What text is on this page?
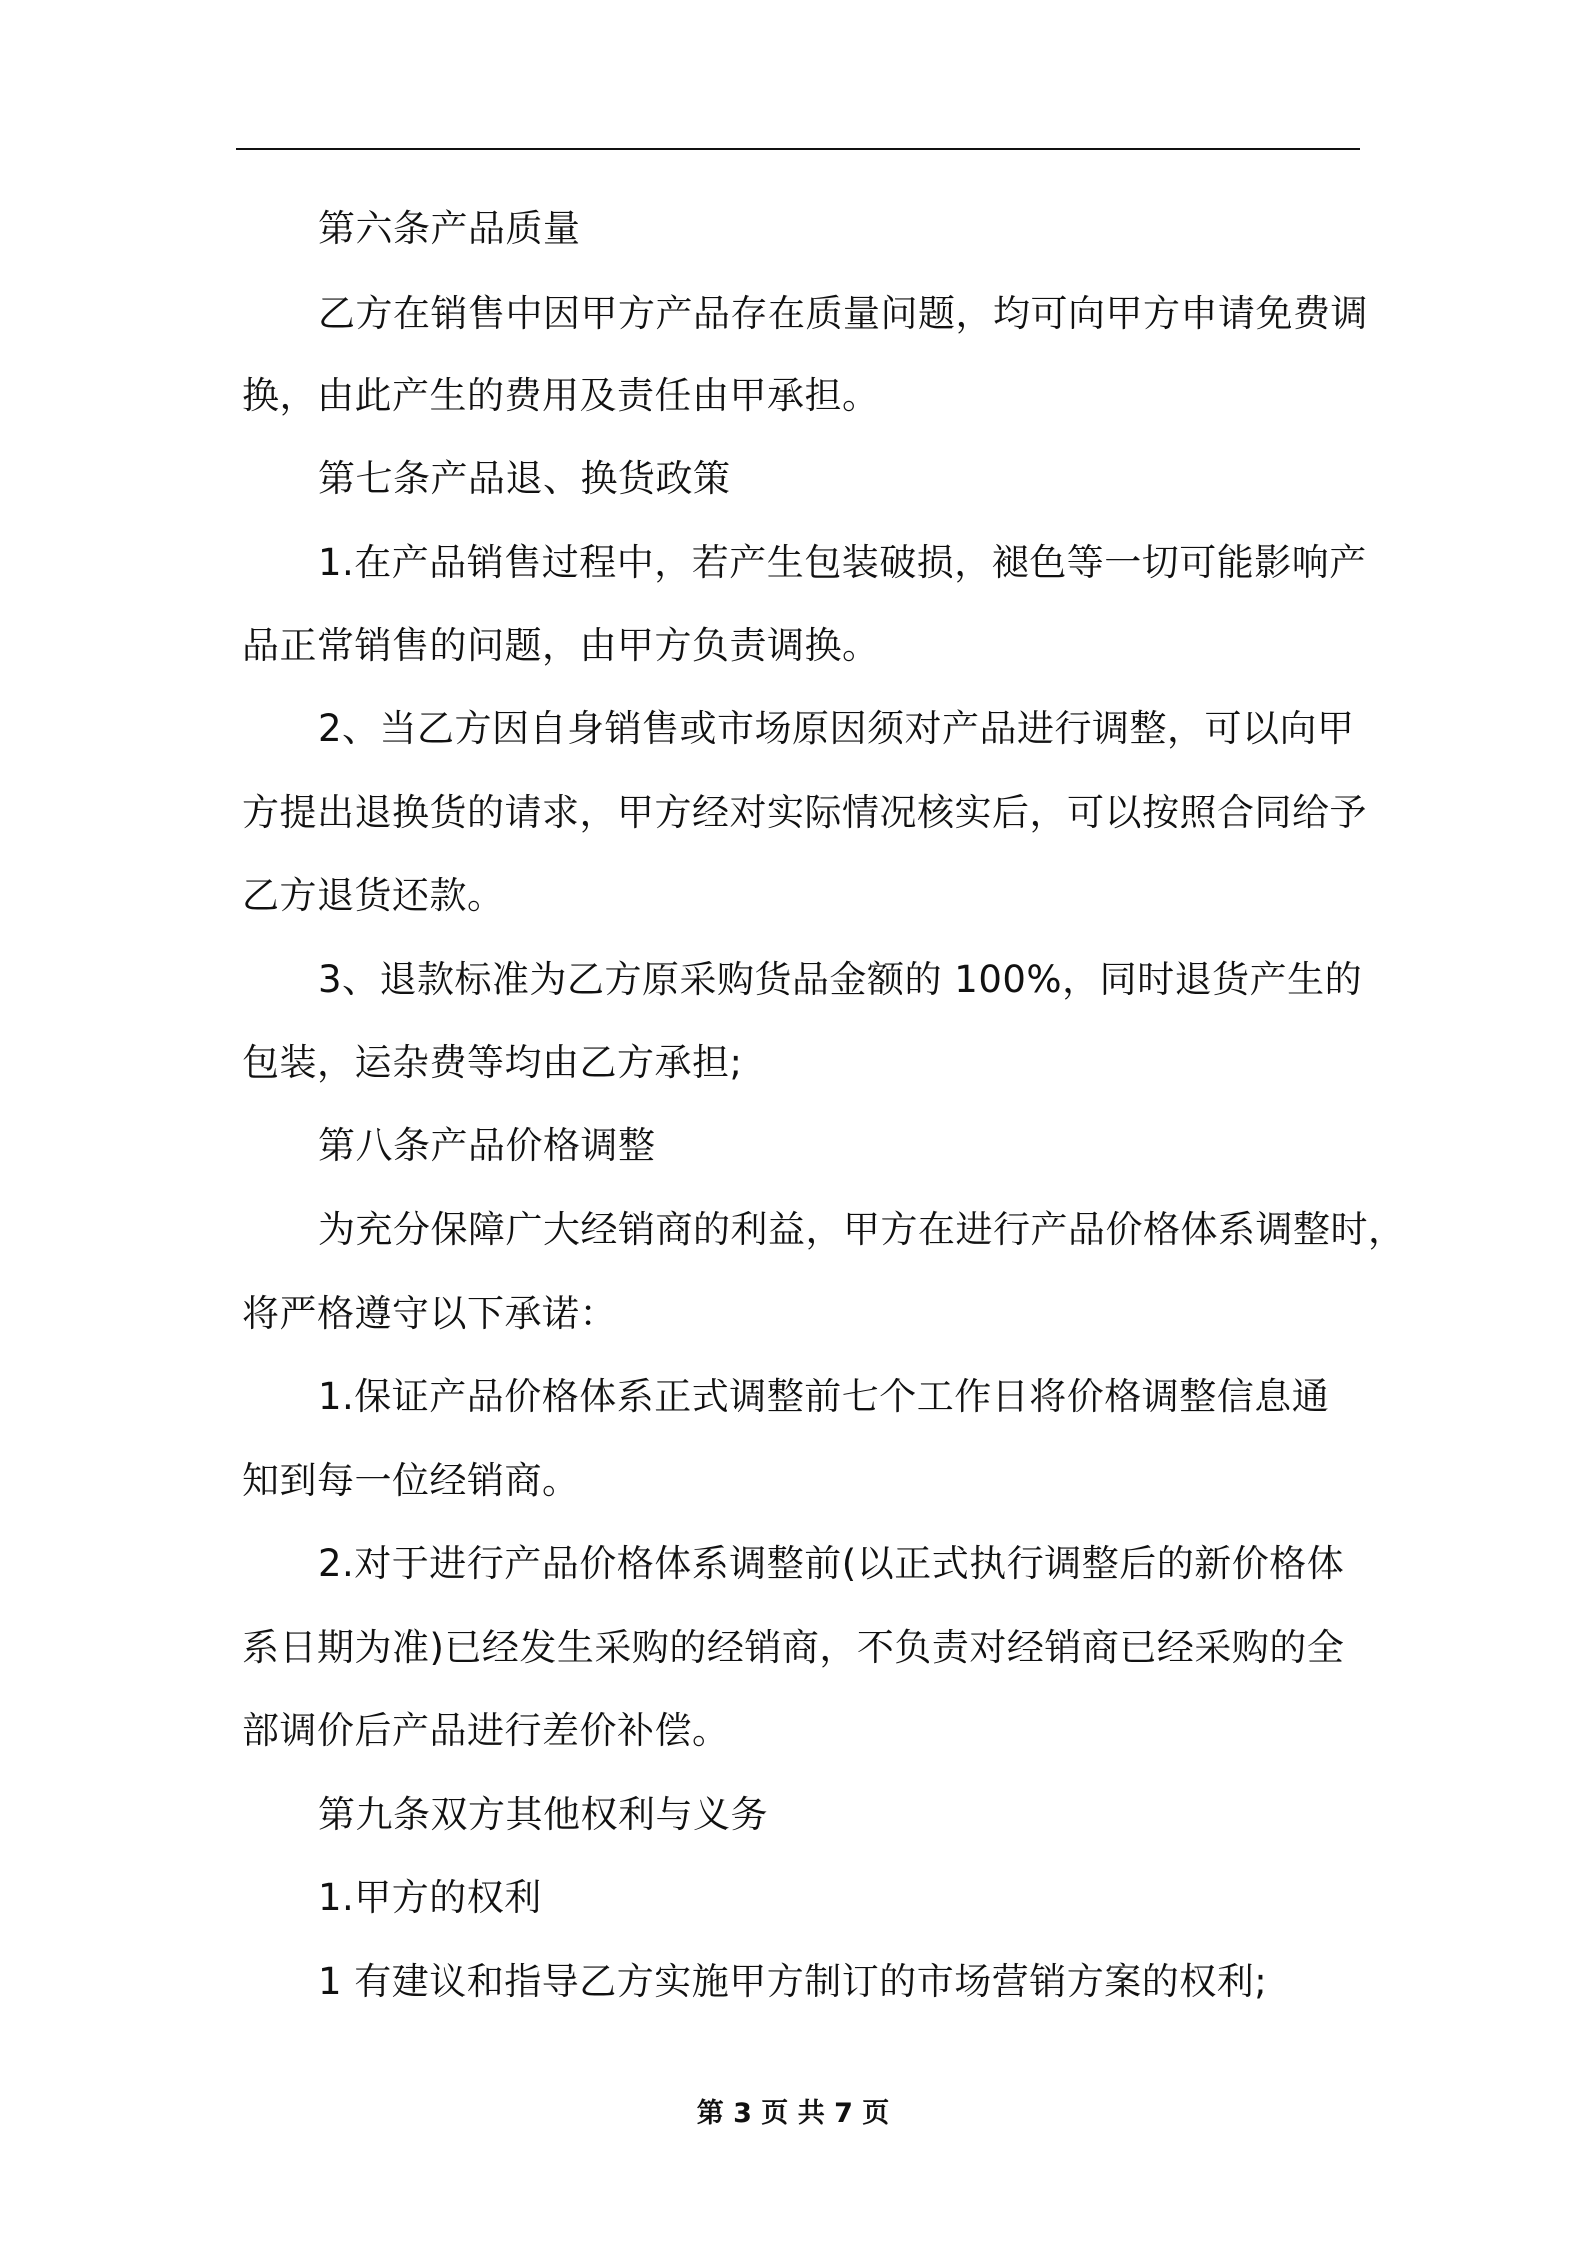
第六条产品质量
乙方在销售中因甲方产品存在质量问题，均可向甲方申请免费调
换，由此产生的费用及责任由甲承担。
第七条产品退、换货政策
1.在产品销售过程中，若产生包装破损，褪色等一切可能影响产
品正常销售的问题，由甲方负责调换。
2、当乙方因自身销售或市场原因须对产品进行调整，可以向甲
方提出退换货的请求，甲方经对实际情况核实后，可以按照合同给予
乙方退货还款。
3、退款标准为乙方原采购货品金额的 100%，同时退货产生的
包装，运杂费等均由乙方承担;
第八条产品价格调整
为充分保障广大经销商的利益，甲方在进行产品价格体系调整时，
将严格遵守以下承诺：
1.保证产品价格体系正式调整前七个工作日将价格调整信息通
知到每一位经销商。
2.对于进行产品价格体系调整前(以正式执行调整后的新价格体
系日期为准)已经发生采购的经销商，不负责对经销商已经采购的全
部调价后产品进行差价补偿。
第九条双方其他权利与义务
1.甲方的权利
1 有建议和指导乙方实施甲方制订的市场营销方案的权利;
第 3 页 共 7 页
